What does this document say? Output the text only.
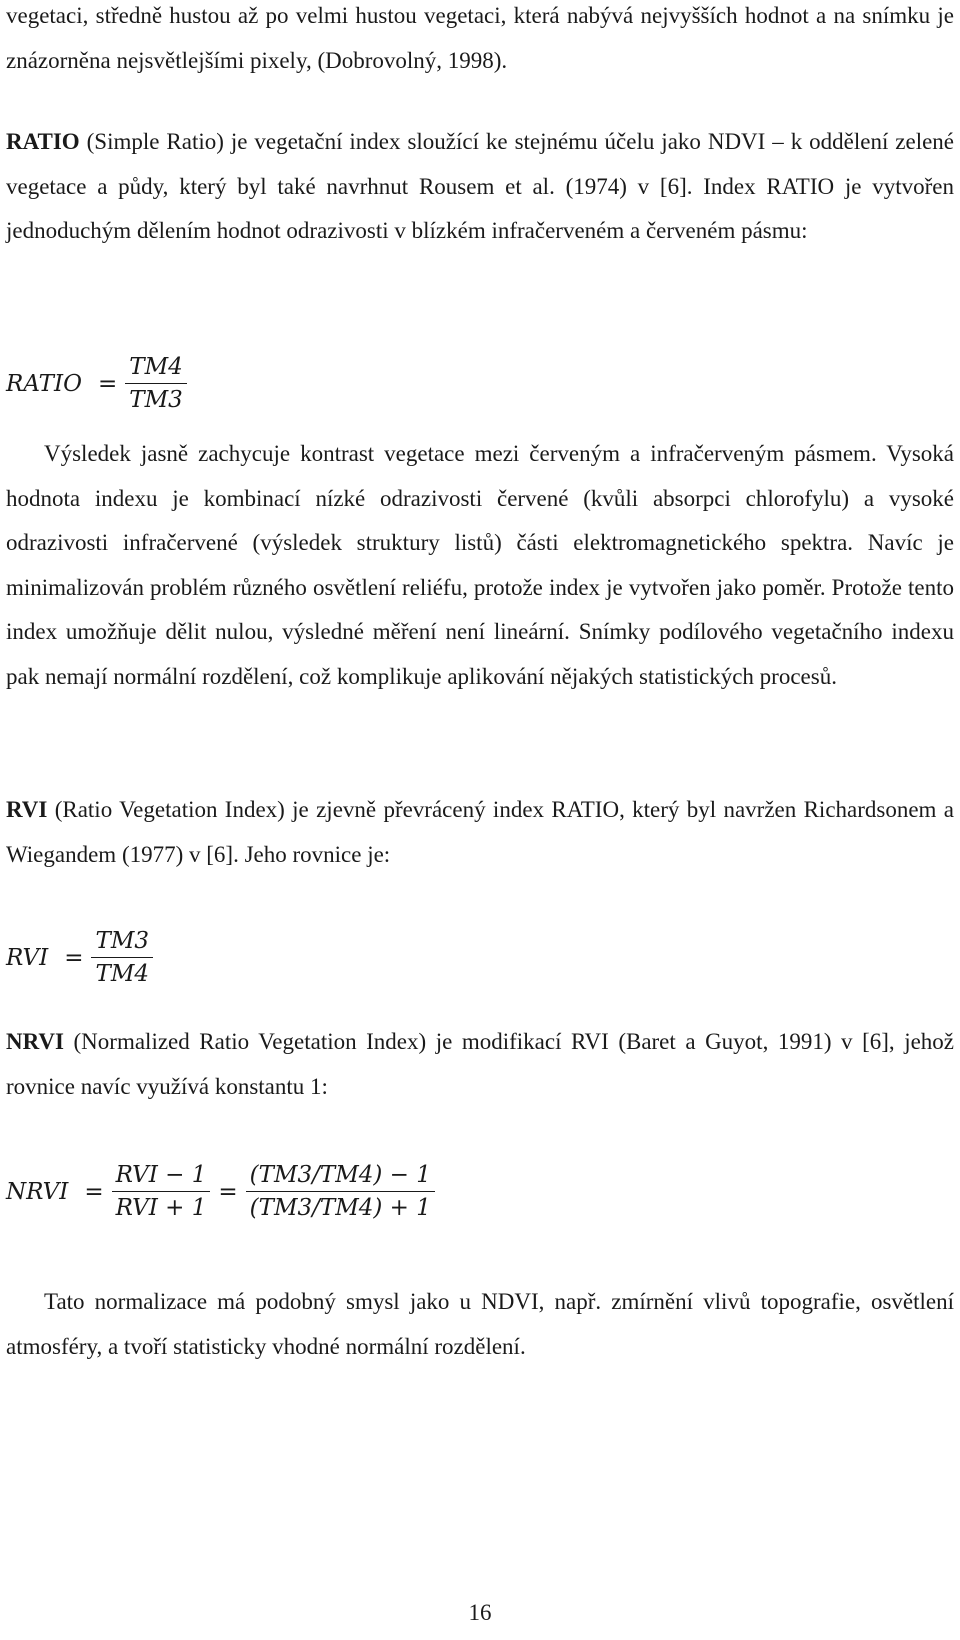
vegetaci, středně hustou až po velmi hustou vegetaci, která nabývá nejvyšších hodnot a na snímku je znázorněna nejsvětlejšími pixely, (Dobrovolný, 1998).

RATIO (Simple Ratio) je vegetační index sloužící ke stejnému účelu jako NDVI – k oddělení zelené vegetace a půdy, který byl také navrhnut Rousem et al. (1974) v [6]. Index RATIO je vytvořen jednoduchým dělením hodnot odrazivosti v blízkém infračerveném a červeném pásmu:

RATIO = $\frac{TM4}{TM3}$

Výsledek jasně zachycuje kontrast vegetace mezi červeným a infračerveným pásmem. Vysoká hodnota indexu je kombinací nízké odrazivosti červené (kvůli absorpci chlorofylu) a vysoké odrazivosti infračervené (výsledek struktury listů) části elektromagnetického spektra. Navíc je minimalizován problém různého osvětlení reliéfu, protože index je vytvořen jako poměr. Protože tento index umožňuje dělit nulou, výsledné měření není lineární. Snímky podílového vegetačního indexu pak nemají normální rozdělení, což komplikuje aplikování nějakých statistických procesů.

RVI (Ratio Vegetation Index) je zjevně převrácený index RATIO, který byl navržen Richardsonem a Wiegandem (1977) v [6]. Jeho rovnice je:

RVI = $\frac{TM3}{TM4}$

NRVI (Normalized Ratio Vegetation Index) je modifikací RVI (Baret a Guyot, 1991) v [6], jehož rovnice navíc využívá konstantu 1:

NRVI = $\frac{\text{RVI − 1}}{\text{RVI + 1}} = \frac{(TM3/TM4) - 1}{(TM3/TM4) + 1}$

Tato normalizace má podobný smysl jako u NDVI, např. zmírnění vlivů topografie, osvětlení atmosféry, a tvoří statisticky vhodné normální rozdělení.

16
